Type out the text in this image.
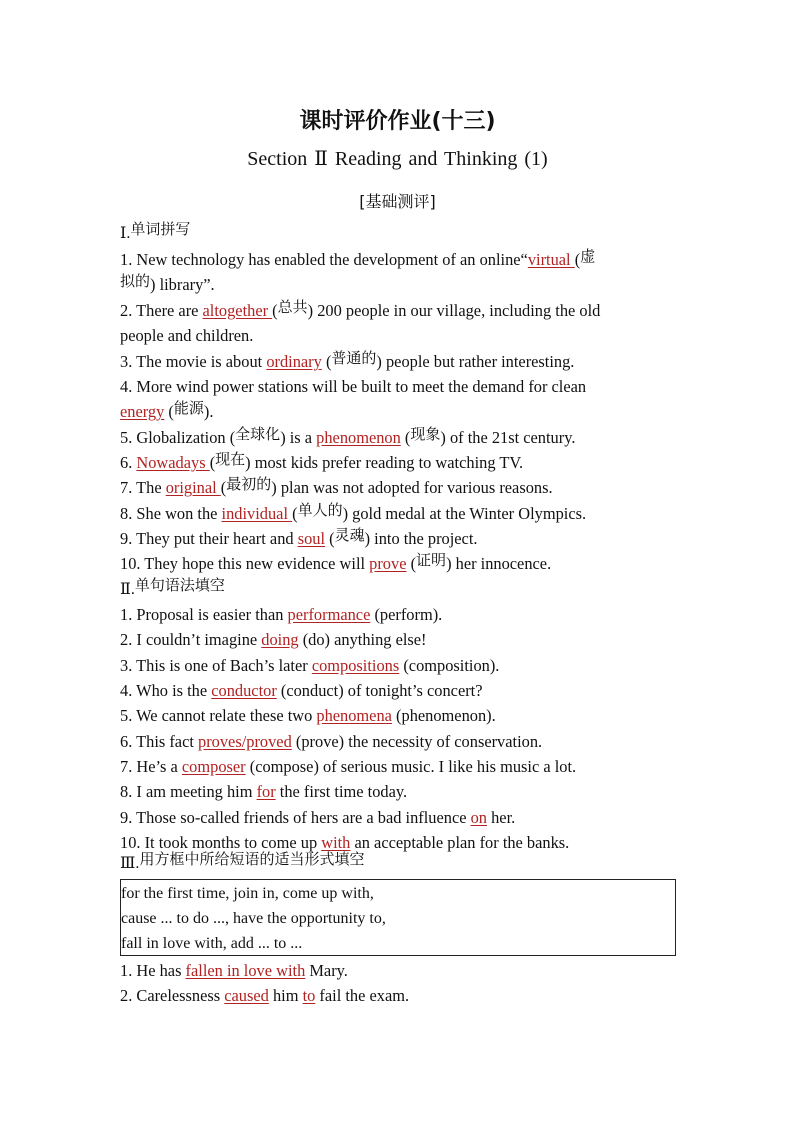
课时评价作业(十三)
Section Ⅱ Reading and Thinking (1)
[基础测评]
Ⅰ.单词拼写
1. New technology has enabled the development of an online“virtual (虚
拟的) library”.
2. There are altogether (总共) 200 people in our village, including the old
people and children.
3. The movie is about ordinary (普通的) people but rather interesting.
4. More wind power stations will be built to meet the demand for clean
energy (能源).
5. Globalization (全球化) is a phenomenon (现象) of the 21st century.
6. Nowadays (现在) most kids prefer reading to watching TV.
7. The original (最初的) plan was not adopted for various reasons.
8. She won the individual (单人的) gold medal at the Winter Olympics.
9. They put their heart and soul (灵魂) into the project.
10. They hope this new evidence will prove (证明) her innocence.
Ⅱ.单句语法填空
1. Proposal is easier than performance (perform).
2. I couldn’t imagine doing (do) anything else!
3. This is one of Bach’s later compositions (composition).
4. Who is the conductor (conduct) of tonight’s concert?
5. We cannot relate these two phenomena (phenomenon).
6. This fact proves/proved (prove) the necessity of conservation.
7. He’s a composer (compose) of serious music. I like his music a lot.
8. I am meeting him for the first time today.
9. Those so-called friends of hers are a bad influence on her.
10. It took months to come up with an acceptable plan for the banks.
Ⅲ.用方框中所给短语的适当形式填空
for the first time, join in, come up with,
cause ... to do ..., have the opportunity to,
fall in love with, add ... to ...
1. He has fallen in love with Mary.
2. Carelessness caused him to fail the exam.
